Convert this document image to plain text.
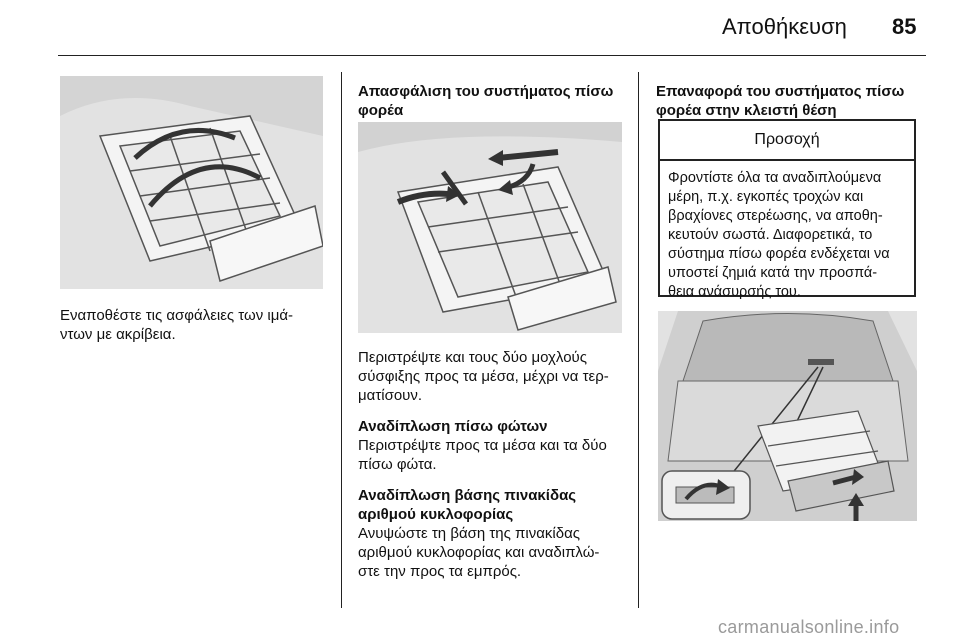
Αποθήκευση 85
Εναποθέστε τις ασφάλειες των ιμά-
ντων με ακρίβεια.
Απασφάλιση του συστήματος πίσω
φορέα
Περιστρέψτε και τους δύο μοχλούς
σύσφιξης προς τα μέσα, μέχρι να τερ-
ματίσουν.
Αναδίπλωση πίσω φώτων
Περιστρέψτε προς τα μέσα και τα δύο
πίσω φώτα.
Αναδίπλωση βάσης πινακίδας
αριθμού κυκλοφορίας
Ανυψώστε τη βάση της πινακίδας
αριθμού κυκλοφορίας και αναδιπλώ-
στε την προς τα εμπρός.
Επαναφορά του συστήματος πίσω
φορέα στην κλειστή θέση
Προσοχή
Φροντίστε όλα τα αναδιπλούμενα
μέρη, π.χ. εγκοπές τροχών και
βραχίονες στερέωσης, να αποθη-
κευτούν σωστά. Διαφορετικά, το
σύστημα πίσω φορέα ενδέχεται να
υποστεί ζημιά κατά την προσπά-
θεια ανάσυρσής του.
carmanualsonline.info
